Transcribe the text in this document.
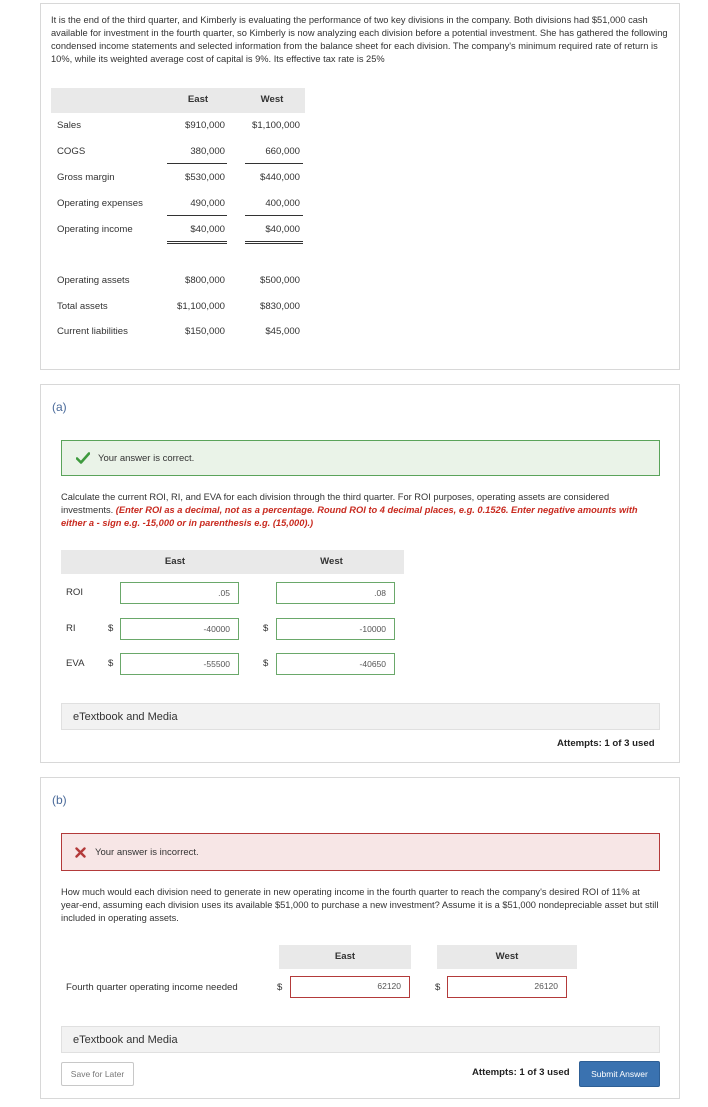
It is the end of the third quarter, and Kimberly is evaluating the performance of two key divisions in the company. Both divisions had $51,000 cash available for investment in the fourth quarter, so Kimberly is now analyzing each division before a potential investment. She has gathered the following condensed income statements and selected information from the balance sheet for each division. The company's minimum required rate of return is 10%, while its weighted average cost of capital is 9%. Its effective tax rate is 25%
East	West
Sales	$910,000	$1,100,000
COGS	380,000	660,000
Gross margin	$530,000	$440,000
Operating expenses	490,000	400,000
Operating income	$40,000	$40,000
Operating assets	$800,000	$500,000
Total assets	$1,100,000	$830,000
Current liabilities	$150,000	$45,000
(a)
Your answer is correct.
Calculate the current ROI, RI, and EVA for each division through the third quarter. For ROI purposes, operating assets are considered investments. (Enter ROI as a decimal, not as a percentage. Round ROI to 4 decimal places, e.g. 0.1526. Enter negative amounts with either a - sign e.g. -15,000 or in parenthesis e.g. (15,000).)
East	West
ROI	.05	.08
RI	$	-40000	$	-10000
EVA $	-55500	$	-40650
eTextbook and Media
Attempts: 1 of 3 used
(b)
Your answer is incorrect.
How much would each division need to generate in new operating income in the fourth quarter to reach the company's desired ROI of 11% at year-end, assuming each division uses its available $51,000 to purchase a new investment? Assume it is a $51,000 nondepreciable asset but still included in operating assets.
East	West
Fourth quarter operating income needed	$	62120	$	26120
eTextbook and Media
Save for Later	Attempts: 1 of 3 used	Submit Answer
